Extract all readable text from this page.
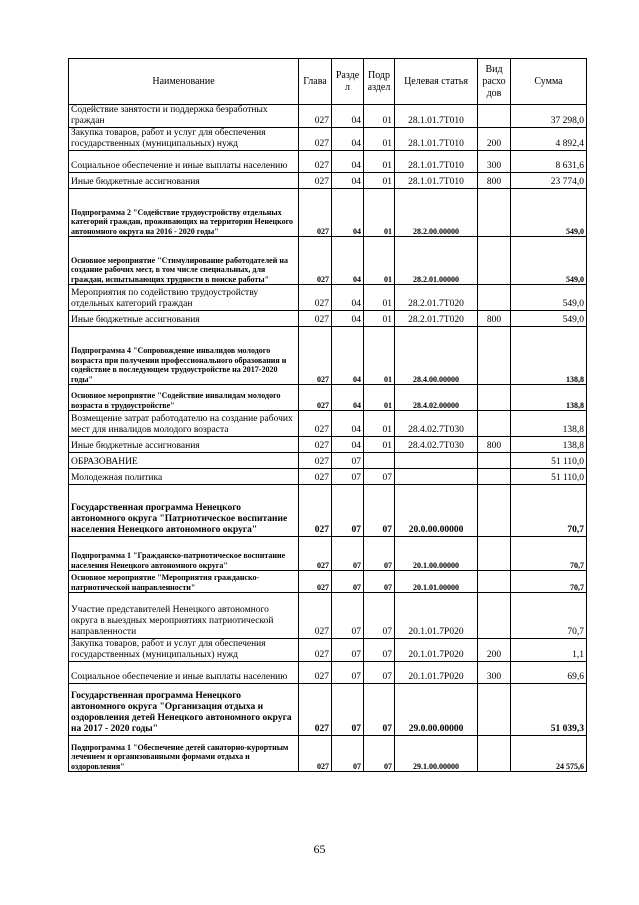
Наименование	Глава	Разде л	Подр аздел	Целевая статья	Вид расхо дов	Сумма
Содействие занятости и поддержка безработных граждан	027	04	01	28.1.01.7Т010		37 298,0
Закупка товаров, работ и услуг для обеспечения государственных (муниципальных) нужд	027	04	01	28.1.01.7Т010	200	4 892,4
Социальное обеспечение и иные выплаты населению	027	04	01	28.1.01.7Т010	300	8 631,6
Иные бюджетные ассигнования	027	04	01	28.1.01.7Т010	800	23 774,0
Подпрограмма 2 "Содействие трудоустройству отдельных категорий граждан, проживающих на территории Ненецкого автономного округа на 2016 - 2020 годы"	027	04	01	28.2.00.00000		549,0
Основное мероприятие "Стимулирование работодателей на создание рабочих мест, в том числе специальных, для граждан, испытывающих трудности в поиске работы"	027	04	01	28.2.01.00000		549,0
Мероприятия по содействию трудоустройству отдельных категорий граждан	027	04	01	28.2.01.7Т020		549,0
Иные бюджетные ассигнования	027	04	01	28.2.01.7Т020	800	549,0
Подпрограмма 4 "Сопровождение инвалидов молодого возраста при получении профессионального образования и содействие в последующем трудоустройстве на 2017-2020 годы"	027	04	01	28.4.00.00000		138,8
Основное мероприятие "Содействие инвалидам молодого возраста в трудоустройстве"	027	04	01	28.4.02.00000		138,8
Возмещение затрат работодателю на создание рабочих мест для инвалидов молодого возраста	027	04	01	28.4.02.7Т030		138,8
Иные бюджетные ассигнования	027	04	01	28.4.02.7Т030	800	138,8
ОБРАЗОВАНИЕ	027	07				51 110,0
Молодежная политика	027	07	07			51 110,0
Государственная программа Ненецкого автономного округа "Патриотическое воспитание населения Ненецкого автономного округа"	027	07	07	20.0.00.00000		70,7
Подпрограмма 1 "Гражданско-патриотическое воспитание населения Ненецкого автономного округа"	027	07	07	20.1.00.00000		70,7
Основное мероприятие "Мероприятия гражданско-патриотической направленности"	027	07	07	20.1.01.00000		70,7
Участие представителей Ненецкого автономного округа в выездных мероприятиях патриотической направленности	027	07	07	20.1.01.7Р020		70,7
Закупка товаров, работ и услуг для обеспечения государственных (муниципальных) нужд	027	07	07	20.1.01.7Р020	200	1,1
Социальное обеспечение и иные выплаты населению	027	07	07	20.1.01.7Р020	300	69,6
Государственная программа Ненецкого автономного округа "Организация отдыха и оздоровления детей Ненецкого автономного округа на 2017 - 2020 годы"	027	07	07	29.0.00.00000		51 039,3
Подпрограмма 1 "Обеспечение детей санаторно-курортным лечением и организованными формами отдыха и оздоровления"	027	07	07	29.1.00.00000		24 575,6
65
